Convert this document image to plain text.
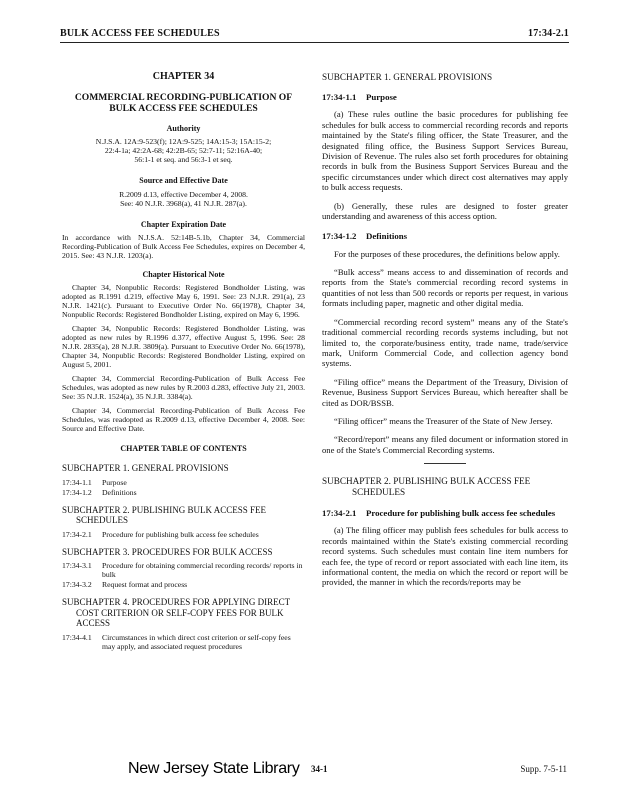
BULK ACCESS FEE SCHEDULES	17:34-2.1
CHAPTER 34
COMMERCIAL RECORDING-PUBLICATION OF
BULK ACCESS FEE SCHEDULES
Authority
N.J.S.A. 12A:9-523(f); 12A:9-525; 14A:15-3; 15A:15-2;
22:4-1a; 42:2A-68; 42:2B-65; 52:7-11; 52:16A-40;
56:1-1 et seq. and 56:3-1 et seq.
Source and Effective Date
R.2009 d.13, effective December 4, 2008.
See: 40 N.J.R. 3968(a), 41 N.J.R. 287(a).
Chapter Expiration Date
In accordance with N.J.S.A. 52:14B-5.1b, Chapter 34, Commercial Recording-Publication of Bulk Access Fee Schedules, expires on December 4, 2015. See: 43 N.J.R. 1203(a).
Chapter Historical Note
Chapter 34, Nonpublic Records: Registered Bondholder Listing, was adopted as R.1991 d.219, effective May 6, 1991. See: 23 N.J.R. 291(a), 23 N.J.R. 1421(c). Pursuant to Executive Order No. 66(1978), Chapter 34, Nonpublic Records: Registered Bondholder Listing, expired on May 6, 1996.
Chapter 34, Nonpublic Records: Registered Bondholder Listing, was adopted as new rules by R.1996 d.377, effective August 5, 1996. See: 28 N.J.R. 2835(a), 28 N.J.R. 3809(a). Pursuant to Executive Order No. 66(1978), Chapter 34, Nonpublic Records: Registered Bondholder Listing, expired on August 5, 2001.
Chapter 34, Commercial Recording-Publication of Bulk Access Fee Schedules, was adopted as new rules by R.2003 d.283, effective July 21, 2003. See: 35 N.J.R. 1524(a), 35 N.J.R. 3384(a).
Chapter 34, Commercial Recording-Publication of Bulk Access Fee Schedules, was readopted as R.2009 d.13, effective December 4, 2008. See: Source and Effective Date.
CHAPTER TABLE OF CONTENTS
SUBCHAPTER 1. GENERAL PROVISIONS
17:34-1.1	Purpose
17:34-1.2	Definitions
SUBCHAPTER 2. PUBLISHING BULK ACCESS FEE
SCHEDULES
17:34-2.1	Procedure for publishing bulk access fee schedules
SUBCHAPTER 3. PROCEDURES FOR BULK ACCESS
17:34-3.1	Procedure for obtaining commercial recording records/ reports in bulk
17:34-3.2	Request format and process
SUBCHAPTER 4. PROCEDURES FOR APPLYING DIRECT
COST CRITERION OR SELF-COPY FEES FOR BULK ACCESS
17:34-4.1	Circumstances in which direct cost criterion or self-copy fees may apply, and associated request procedures
SUBCHAPTER 1. GENERAL PROVISIONS
17:34-1.1	Purpose
(a) These rules outline the basic procedures for publishing fee schedules for bulk access to commercial recording records and reports maintained by the State's filing officer, the State Treasurer, and the designated filing office, the Business Support Services Bureau, Division of Revenue. The rules also set forth procedures for obtaining records in bulk from the Business Support Services Bureau and the specific circumstances under which direct cost alternatives may apply to bulk access requests.
(b) Generally, these rules are designed to foster greater understanding and awareness of this access option.
17:34-1.2	Definitions
For the purposes of these procedures, the definitions below apply.
“Bulk access” means access to and dissemination of records and reports from the State's commercial recording record systems in quantities of not less than 500 records or reports per request, in various formats including paper, magnetic and other digital media.
“Commercial recording record system” means any of the State's traditional commercial recording records systems including, but not limited to, the corporate/business entity, trade name, trade/service mark, Uniform Commercial Code, and collection agency bond systems.
“Filing office” means the Department of the Treasury, Division of Revenue, Business Support Services Bureau, which hereafter shall be cited as DOR/BSSB.
“Filing officer” means the Treasurer of the State of New Jersey.
“Record/report” means any filed document or information stored in one of the State's Commercial Recording systems.
SUBCHAPTER 2. PUBLISHING BULK ACCESS FEE
SCHEDULES
17:34-2.1	Procedure for publishing bulk access fee schedules
(a) The filing officer may publish fees schedules for bulk access to records maintained within the State's existing commercial recording record systems. Such schedules must contain line item numbers for each fee, the type of record or report associated with each line item, its informational content, the media on which the record or report will be provided, the manner in which the records/reports may be
New Jersey State Library 34-1	Supp. 7-5-11
